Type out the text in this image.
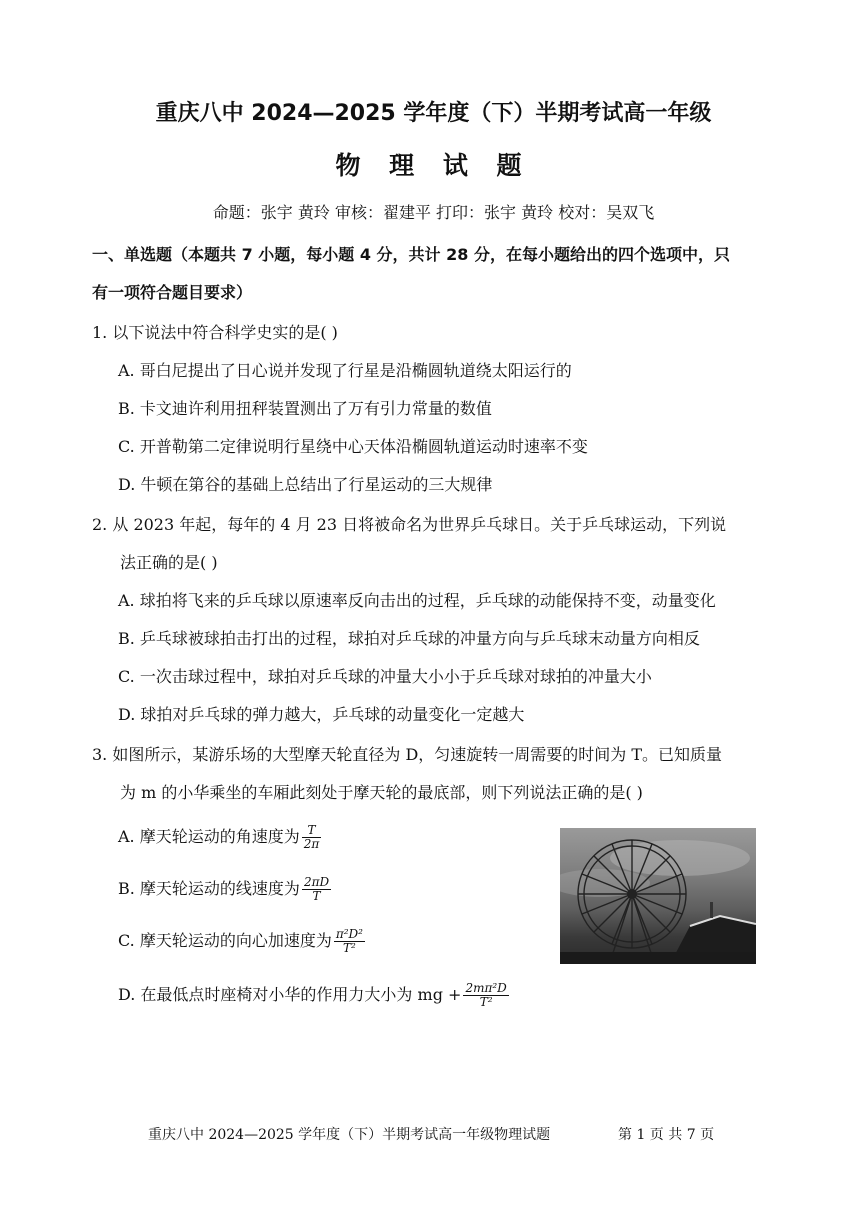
重庆八中 2024—2025 学年度（下）半期考试高一年级
物 理 试 题
命题：张宇 黄玲 审核：翟建平 打印：张宇 黄玲 校对：吴双飞
一、单选题（本题共 7 小题，每小题 4 分，共计 28 分，在每小题给出的四个选项中，只
有一项符合题目要求）
1. 以下说法中符合科学史实的是( )
A. 哥白尼提出了日心说并发现了行星是沿椭圆轨道绕太阳运行的
B. 卡文迪许利用扭秤装置测出了万有引力常量的数值
C. 开普勒第二定律说明行星绕中心天体沿椭圆轨道运动时速率不变
D. 牛顿在第谷的基础上总结出了行星运动的三大规律
2. 从 2023 年起，每年的 4 月 23 日将被命名为世界乒乓球日。关于乒乓球运动，下列说
法正确的是( )
A. 球拍将飞来的乒乓球以原速率反向击出的过程，乒乓球的动能保持不变，动量变化
B. 乒乓球被球拍击打出的过程，球拍对乒乓球的冲量方向与乒乓球末动量方向相反
C. 一次击球过程中，球拍对乒乓球的冲量大小小于乒乓球对球拍的冲量大小
D. 球拍对乒乓球的弹力越大，乒乓球的动量变化一定越大
3. 如图所示，某游乐场的大型摩天轮直径为 D，匀速旋转一周需要的时间为 T。已知质量
为 m 的小华乘坐的车厢此刻处于摩天轮的最底部，则下列说法正确的是( )
A. 摩天轮运动的角速度为 $\frac{T}{2\pi}$
B. 摩天轮运动的线速度为 $\frac{2\pi D}{T}$
C. 摩天轮运动的向心加速度为 $\frac{\text{π²D²}}{\text{T²}}$
D. 在最低点时座椅对小华的作用力大小为 mg + $\frac{\text{2mπ²D}}{\text{T²}}$
重庆八中 2024—2025 学年度（下）半期考试高一年级物理试题	第 1 页 共 7 页
